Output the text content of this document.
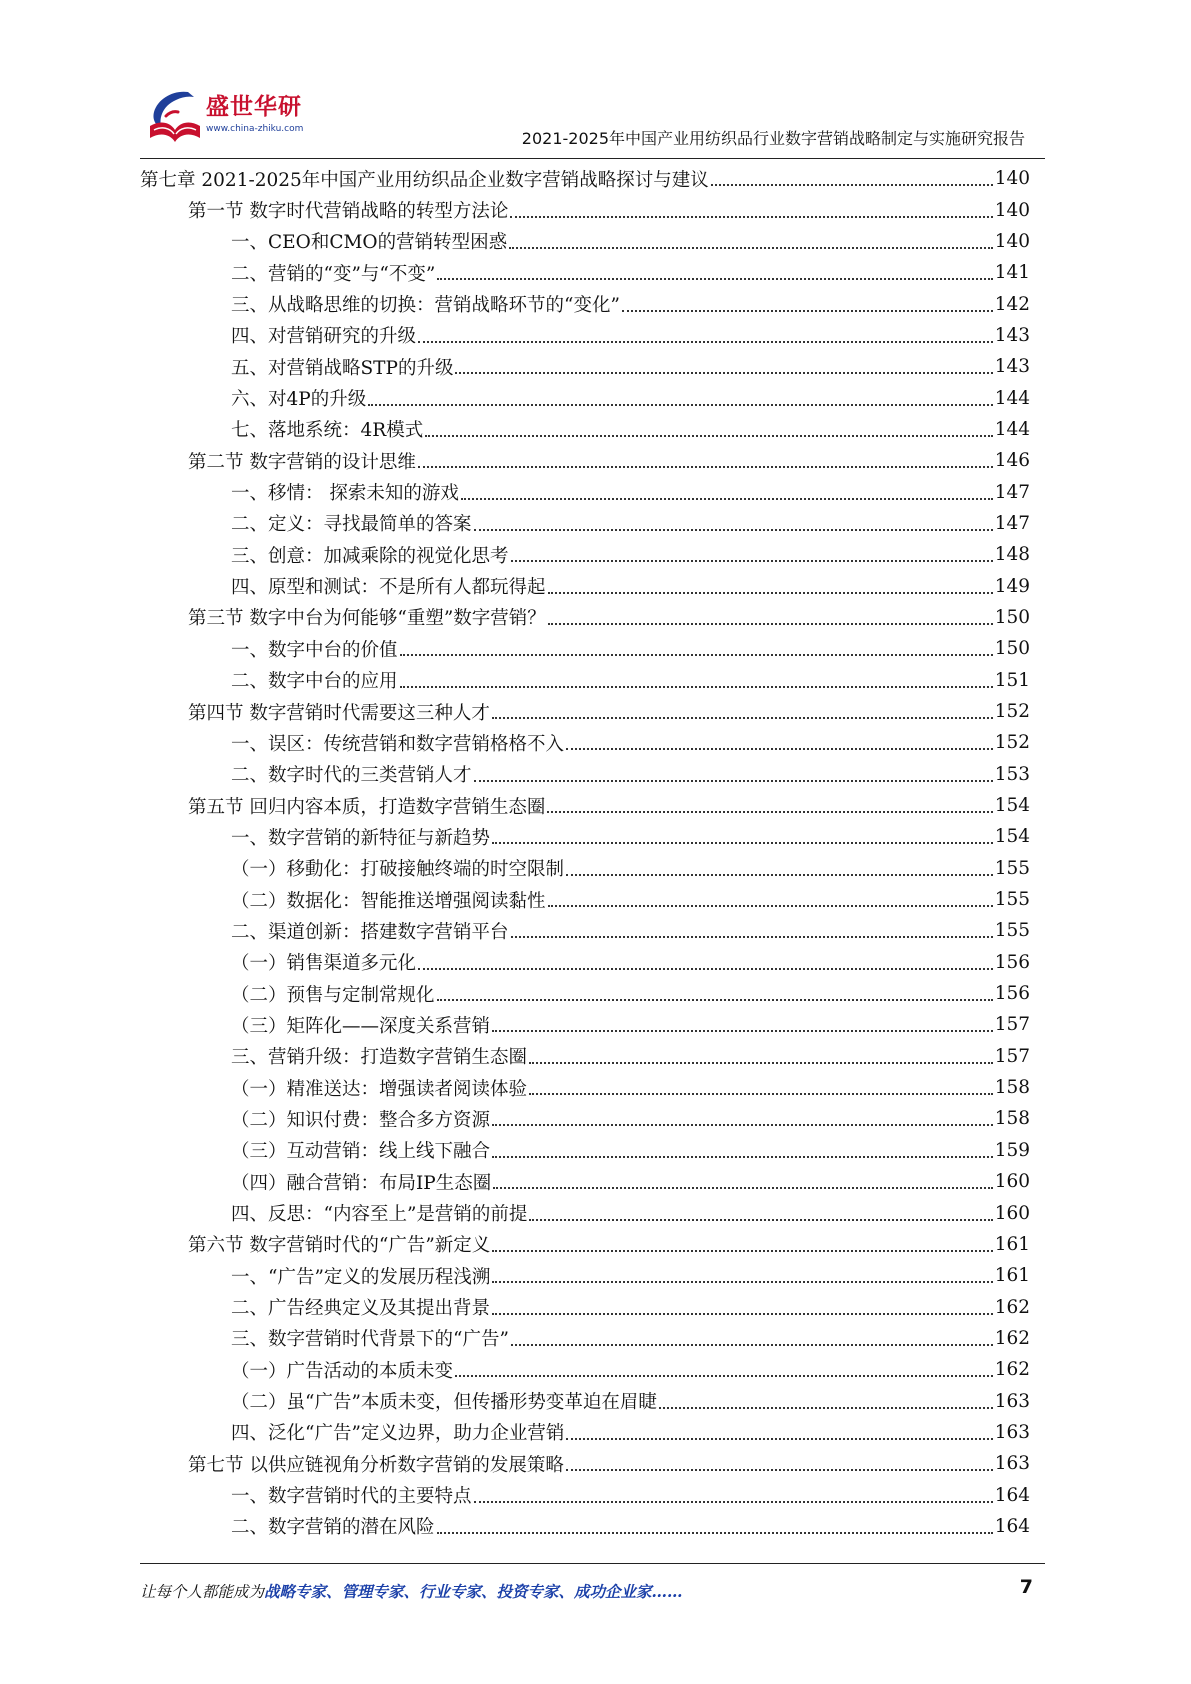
盛世华研
www.china-zhiku.com	2021-2025年中国产业用纺织品行业数字营销战略制定与实施研究报告
第七章 2021-2025年中国产业用纺织品企业数字营销战略探讨与建议	140
第一节 数字时代营销战略的转型方法论	140
一、CEO和CMO的营销转型困惑	140
二、营销的“变”与“不变”	141
三、从战略思维的切换：营销战略环节的“变化”	142
四、对营销研究的升级	143
五、对营销战略STP的升级	143
六、对4P的升级	144
七、落地系统：4R模式	144
第二节 数字营销的设计思维	146
一、移情： 探索未知的游戏	147
二、定义：寻找最简单的答案	147
三、创意：加减乘除的视觉化思考	148
四、原型和测试：不是所有人都玩得起	149
第三节 数字中台为何能够“重塑”数字营销？	150
一、数字中台的价值	150
二、数字中台的应用	151
第四节 数字营销时代需要这三种人才	152
一、误区：传统营销和数字营销格格不入	152
二、数字时代的三类营销人才	153
第五节 回归内容本质，打造数字营销生态圈	154
一、数字营销的新特征与新趋势	154
（一）移動化：打破接触终端的时空限制	155
（二）数据化：智能推送增强阅读黏性	155
二、渠道创新：搭建数字营销平台	155
（一）销售渠道多元化	156
（二）预售与定制常规化	156
（三）矩阵化——深度关系营销	157
三、营销升级：打造数字营销生态圈	157
（一）精准送达：增强读者阅读体验	158
（二）知识付费：整合多方资源	158
（三）互动营销：线上线下融合	159
（四）融合营销：布局IP生态圈	160
四、反思：“内容至上”是营销的前提	160
第六节 数字营销时代的“广告”新定义	161
一、“广告”定义的发展历程浅溯	161
二、广告经典定义及其提出背景	162
三、数字营销时代背景下的“广告”	162
（一）广告活动的本质未变	162
（二）虽“广告”本质未变，但传播形势变革迫在眉睫	163
四、泛化“广告”定义边界，助力企业营销	163
第七节 以供应链视角分析数字营销的发展策略	163
一、数字营销时代的主要特点	164
二、数字营销的潜在风险	164
让每个人都能成为战略专家、管理专家、行业专家、投资专家、成功企业家……	7
